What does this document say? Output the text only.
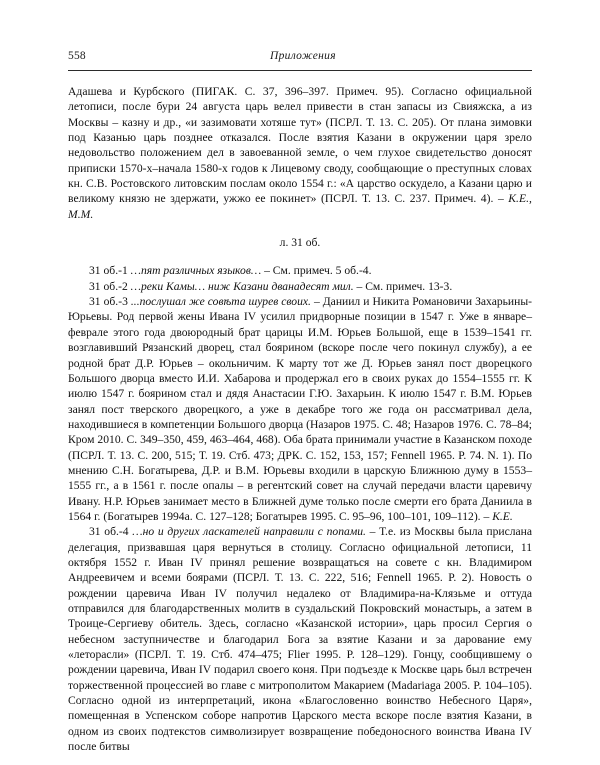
558	Приложения

Адашева и Курбского (ПИГАК. С. 37, 396–397. Примеч. 95). Согласно официальной летописи, после бури 24 августа царь велел привести в стан запасы из Свияжска, а из Москвы – казну и др., «и зазимовати хотяше тут» (ПСРЛ. Т. 13. С. 205). От плана зимовки под Казанью царь позднее отказался. После взятия Казани в окружении царя зрело недовольство положением дел в завоеванной земле, о чем глухое свидетельство доносят приписки 1570-х–начала 1580-х годов к Лицевому своду, сообщающие о преступных словах кн. С.В. Ростовского литовским послам около 1554 г.: «А царство оскудело, а Казани царю и великому князю не здержати, ужжо ее покинет» (ПСРЛ. Т. 13. С. 237. Примеч. 4). – К.Е., М.М.

л. 31 об.

31 об.-1 …пят различных языков… – См. примеч. 5 об.-4.

31 об.-2 …реки Камы… ниж Казани дванадесят мил. – См. примеч. 13-3.

31 об.-3 ...послушал же совѣта шурев своих. – Даниил и Никита Романовичи Захарьины-Юрьевы. Род первой жены Ивана IV усилил придворные позиции в 1547 г. Уже в январе–феврале этого года двоюродный брат царицы И.М. Юрьев Большой, еще в 1539–1541 гг. возглавивший Рязанский дворец, стал боярином (вскоре после чего покинул службу), а ее родной брат Д.Р. Юрьев – окольничим. К марту тот же Д. Юрьев занял пост дворецкого Большого дворца вместо И.И. Хабарова и продержал его в своих руках до 1554–1555 гг. К июлю 1547 г. боярином стал и дядя Анастасии Г.Ю. Захарьин. К июлю 1547 г. В.М. Юрьев занял пост тверского дворецкого, а уже в декабре того же года он рассматривал дела, находившиеся в компетенции Большого дворца (Назаров 1975. С. 48; Назаров 1976. С. 78–84; Кром 2010. С. 349–350, 459, 463–464, 468). Оба брата принимали участие в Казанском походе (ПСРЛ. Т. 13. С. 200, 515; Т. 19. Стб. 473; ДРК. С. 152, 153, 157; Fennell 1965. P. 74. N. 1). По мнению С.Н. Богатырева, Д.Р. и В.М. Юрьевы входили в царскую Ближнюю думу в 1553–1555 гг., а в 1561 г. после опалы – в регентский совет на случай передачи власти царевичу Ивану. Н.Р. Юрьев занимает место в Ближней думе только после смерти его брата Даниила в 1564 г. (Богатырев 1994а. С. 127–128; Богатырев 1995. С. 95–96, 100–101, 109–112). – К.Е.

31 об.-4 …но и других ласкателей направили с попами. – Т.е. из Москвы была прислана делегация, призвавшая царя вернуться в столицу. Согласно официальной летописи, 11 октября 1552 г. Иван IV принял решение возвращаться на совете с кн. Владимиром Андреевичем и всеми боярами (ПСРЛ. Т. 13. С. 222, 516; Fennell 1965. P. 2). Новость о рождении царевича Иван IV получил недалеко от Владимира-на-Клязьме и оттуда отправился для благодарственных молитв в суздальский Покровский монастырь, а затем в Троице-Сергиеву обитель. Здесь, согласно «Казанской истории», царь просил Сергия о небесном заступничестве и благодарил Бога за взятие Казани и за дарование ему «леторасли» (ПСРЛ. Т. 19. Стб. 474–475; Flier 1995. P. 128–129). Гонцу, сообщившему о рождении царевича, Иван IV подарил своего коня. При подъезде к Москве царь был встречен торжественной процессией во главе с митрополитом Макарием (Madariaga 2005. P. 104–105). Согласно одной из интерпретаций, икона «Благословенно воинство Небесного Царя», помещенная в Успенском соборе напротив Царского места вскоре после взятия Казани, в одном из своих подтекстов символизирует возвращение победоносного воинства Ивана IV после битвы
